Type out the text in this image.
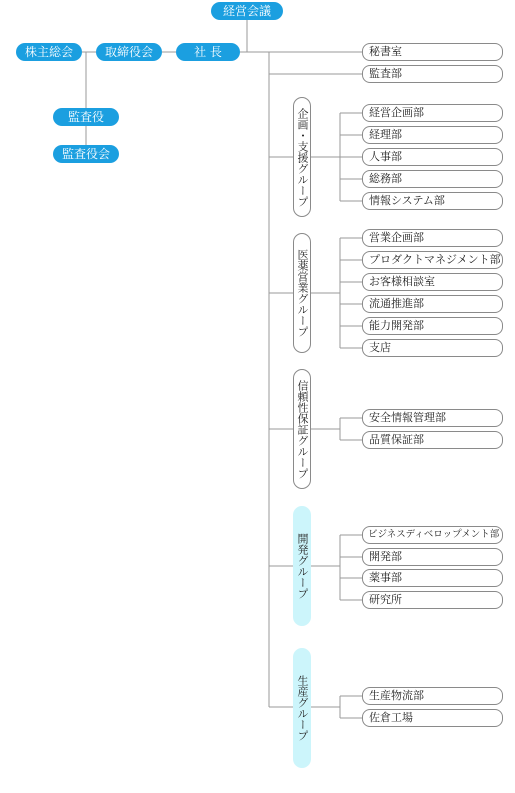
経営会議
株主総会	取締役会	社 長
監査役
監査役会
秘書室
監査部
企画・支援グループ	経営企画部
経理部
人事部
総務部
情報システム部
医薬営業グループ
営業企画部
プロダクトマネジメント部
お客様相談室
流通推進部
能力開発部
支店
信頼性保証グループ	安全情報管理部
品質保証部
開発グループ	ビジネスディベロップメント部
開発部
薬事部
研究所
生産グループ	生産物流部
佐倉工場
